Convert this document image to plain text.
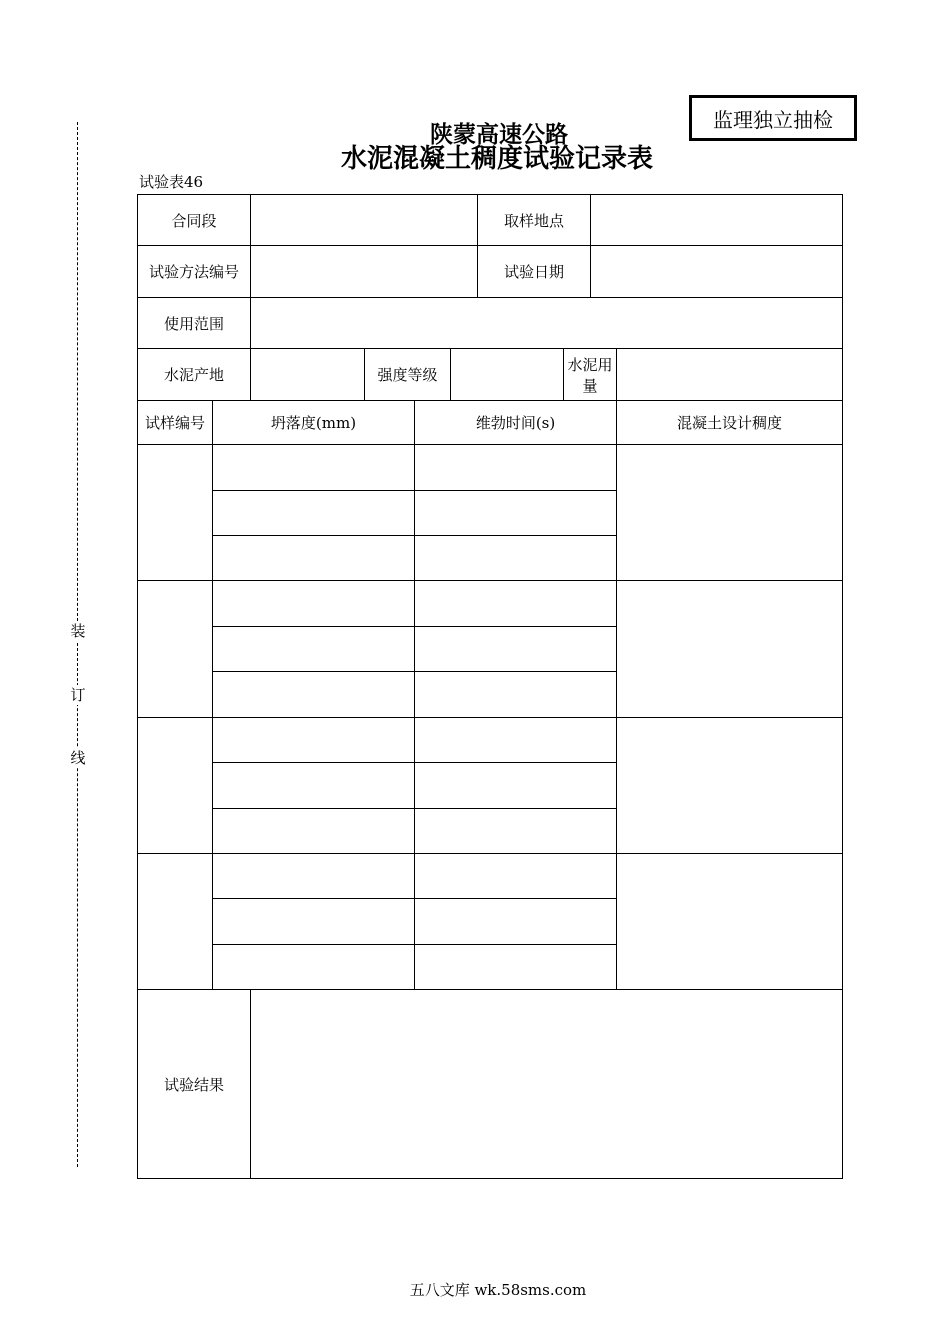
装
订
线
监理独立抽检
陕蒙高速公路
水泥混凝土稠度试验记录表
试验表46
合同段						取样地点			
试验方法编号						试验日期			
使用范围									
水泥产地			强度等级				水泥用量		
试样编号	坍落度(mm)			维勃时间(s)					混凝土设计稠度

试验结果									
五八文库 wk.58sms.com
